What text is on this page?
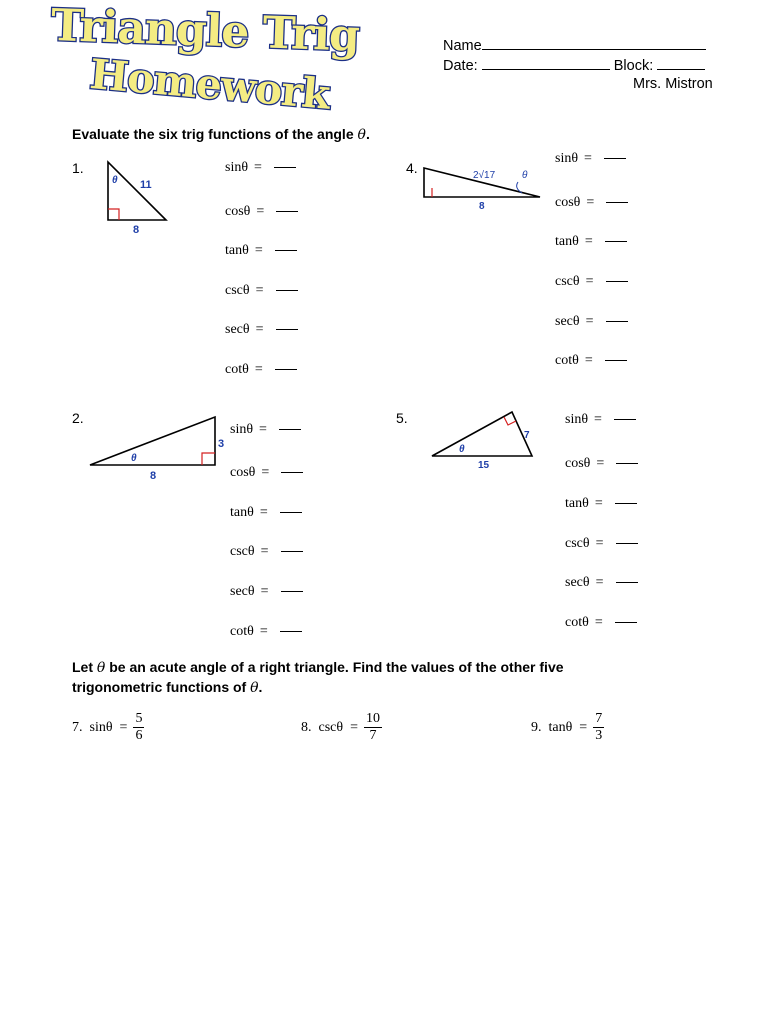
Triangle Trig
Homework
Name
Date:	Block:
Mrs. Mistron
Evaluate the six trig functions of the angle θ.
1.	4.
2.	5.
θ 11
8
2√17	θ
8
3
θ
8
7
θ
15
sinθ =
cosθ =
tanθ =
cscθ =
secθ =
cotθ =
sinθ =
cosθ =
tanθ =
cscθ =
secθ =
cotθ =
sinθ =
cosθ =
tanθ =
cscθ =
secθ =
cotθ =
sinθ =
cosθ =
tanθ =
cscθ =
secθ =
cotθ =
Let θ be an acute angle of a right triangle. Find the values of the other five
trigonometric functions of θ.
7.  $\sin\theta = \frac{5}{6}$	8.  $\csc\theta = \frac{10}{7}$	9.  $\tan\theta = \frac{7}{3}$
